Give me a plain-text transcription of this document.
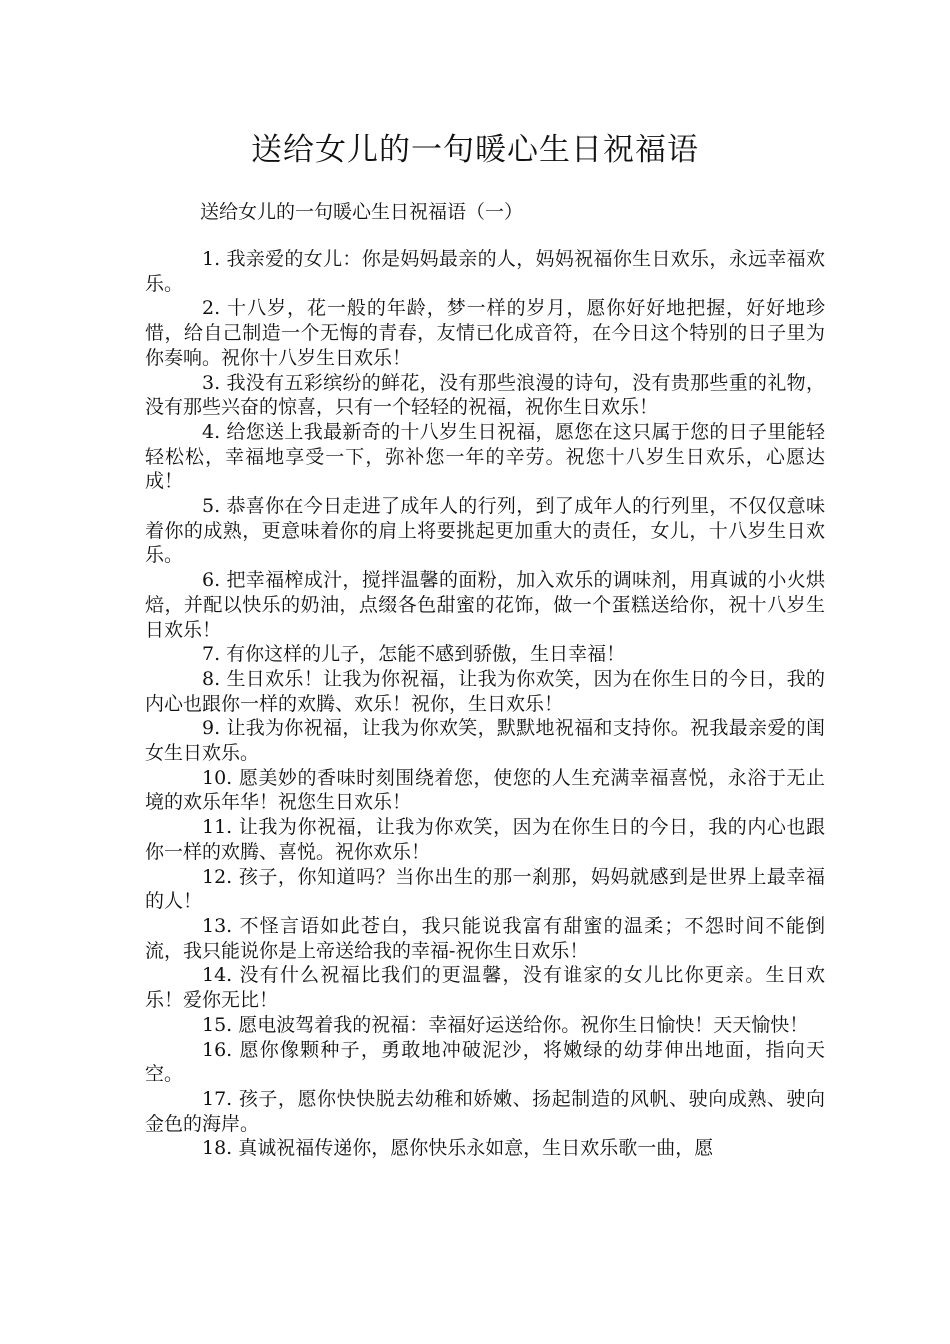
送给女儿的一句暖心生日祝福语
送给女儿的一句暖心生日祝福语（一）

1. 我亲爱的女儿：你是妈妈最亲的人，妈妈祝福你生日欢乐，永远幸福欢乐。

2. 十八岁，花一般的年龄，梦一样的岁月，愿你好好地把握，好好地珍惜，给自己制造一个无悔的青春，友情已化成音符，在今日这个特别的日子里为你奏响。祝你十八岁生日欢乐！

3. 我没有五彩缤纷的鲜花，没有那些浪漫的诗句，没有贵那些重的礼物，没有那些兴奋的惊喜，只有一个轻轻的祝福，祝你生日欢乐！

4. 给您送上我最新奇的十八岁生日祝福，愿您在这只属于您的日子里能轻轻松松，幸福地享受一下，弥补您一年的辛劳。祝您十八岁生日欢乐，心愿达成！

5. 恭喜你在今日走进了成年人的行列，到了成年人的行列里，不仅仅意味着你的成熟，更意味着你的肩上将要挑起更加重大的责任，女儿，十八岁生日欢乐。

6. 把幸福榨成汁，搅拌温馨的面粉，加入欢乐的调味剂，用真诚的小火烘焙，并配以快乐的奶油，点缀各色甜蜜的花饰，做一个蛋糕送给你，祝十八岁生日欢乐！

7. 有你这样的儿子，怎能不感到骄傲，生日幸福！

8. 生日欢乐！让我为你祝福，让我为你欢笑，因为在你生日的今日，我的内心也跟你一样的欢腾、欢乐！祝你，生日欢乐！

9. 让我为你祝福，让我为你欢笑，默默地祝福和支持你。祝我最亲爱的闺女生日欢乐。

10. 愿美妙的香味时刻围绕着您，使您的人生充满幸福喜悦，永浴于无止境的欢乐年华！祝您生日欢乐！

11. 让我为你祝福，让我为你欢笑，因为在你生日的今日，我的内心也跟你一样的欢腾、喜悦。祝你欢乐！

12. 孩子，你知道吗？当你出生的那一刹那，妈妈就感到是世界上最幸福的人！

13. 不怪言语如此苍白，我只能说我富有甜蜜的温柔；不怨时间不能倒流，我只能说你是上帝送给我的幸福-祝你生日欢乐！

14. 没有什么祝福比我们的更温馨，没有谁家的女儿比你更亲。生日欢乐！爱你无比！

15. 愿电波驾着我的祝福：幸福好运送给你。祝你生日愉快！天天愉快！

16. 愿你像颗种子，勇敢地冲破泥沙，将嫩绿的幼芽伸出地面，指向天空。

17. 孩子，愿你快快脱去幼稚和娇嫩、扬起制造的风帆、驶向成熟、驶向金色的海岸。

18. 真诚祝福传递你，愿你快乐永如意，生日欢乐歌一曲，愿
